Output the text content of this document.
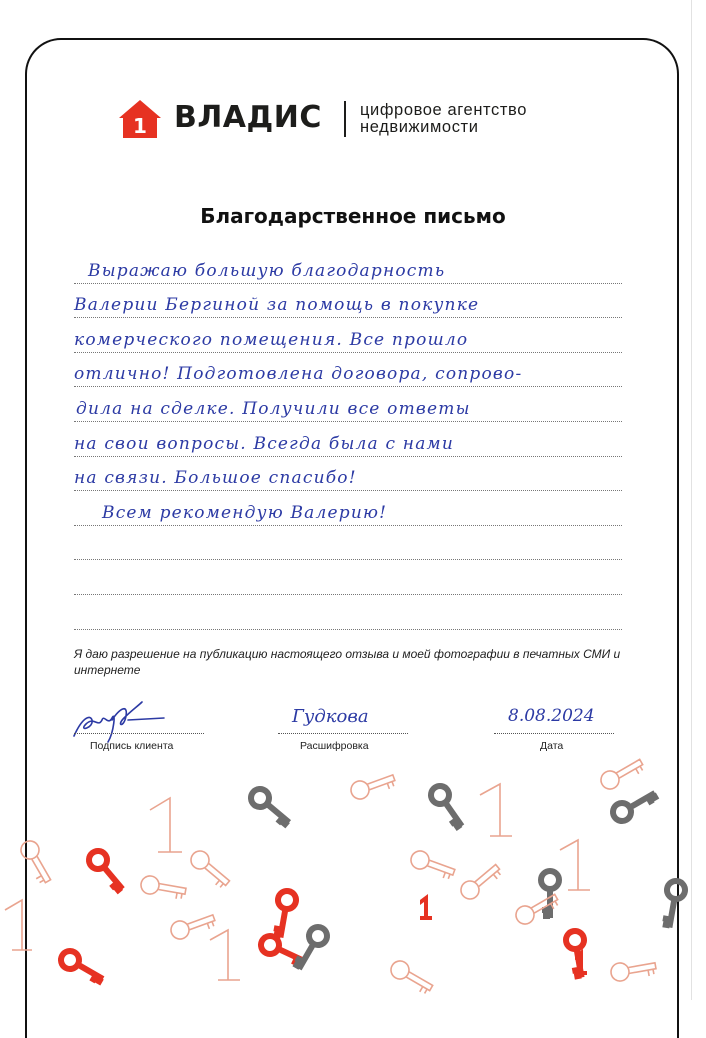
1 ВЛАДИС цифровое агентство
недвижимости
Благодарственное письмо
Выражаю большую благодарность
Валерии Бергиной за помощь в покупке
комерческого помещения. Все прошло
отлично! Подготовлена договора, сопрово-
дила на сделке. Получили все ответы
на свои вопросы. Всегда была с нами
на связи. Большое спасибо!
Всем рекомендую Валерию!
Я даю разрешение на публикацию настоящего отзыва и моей фотографии в печатных СМИ и интернете
Подпись клиента
Гудкова
Расшифровка
8.08.2024
Дата
